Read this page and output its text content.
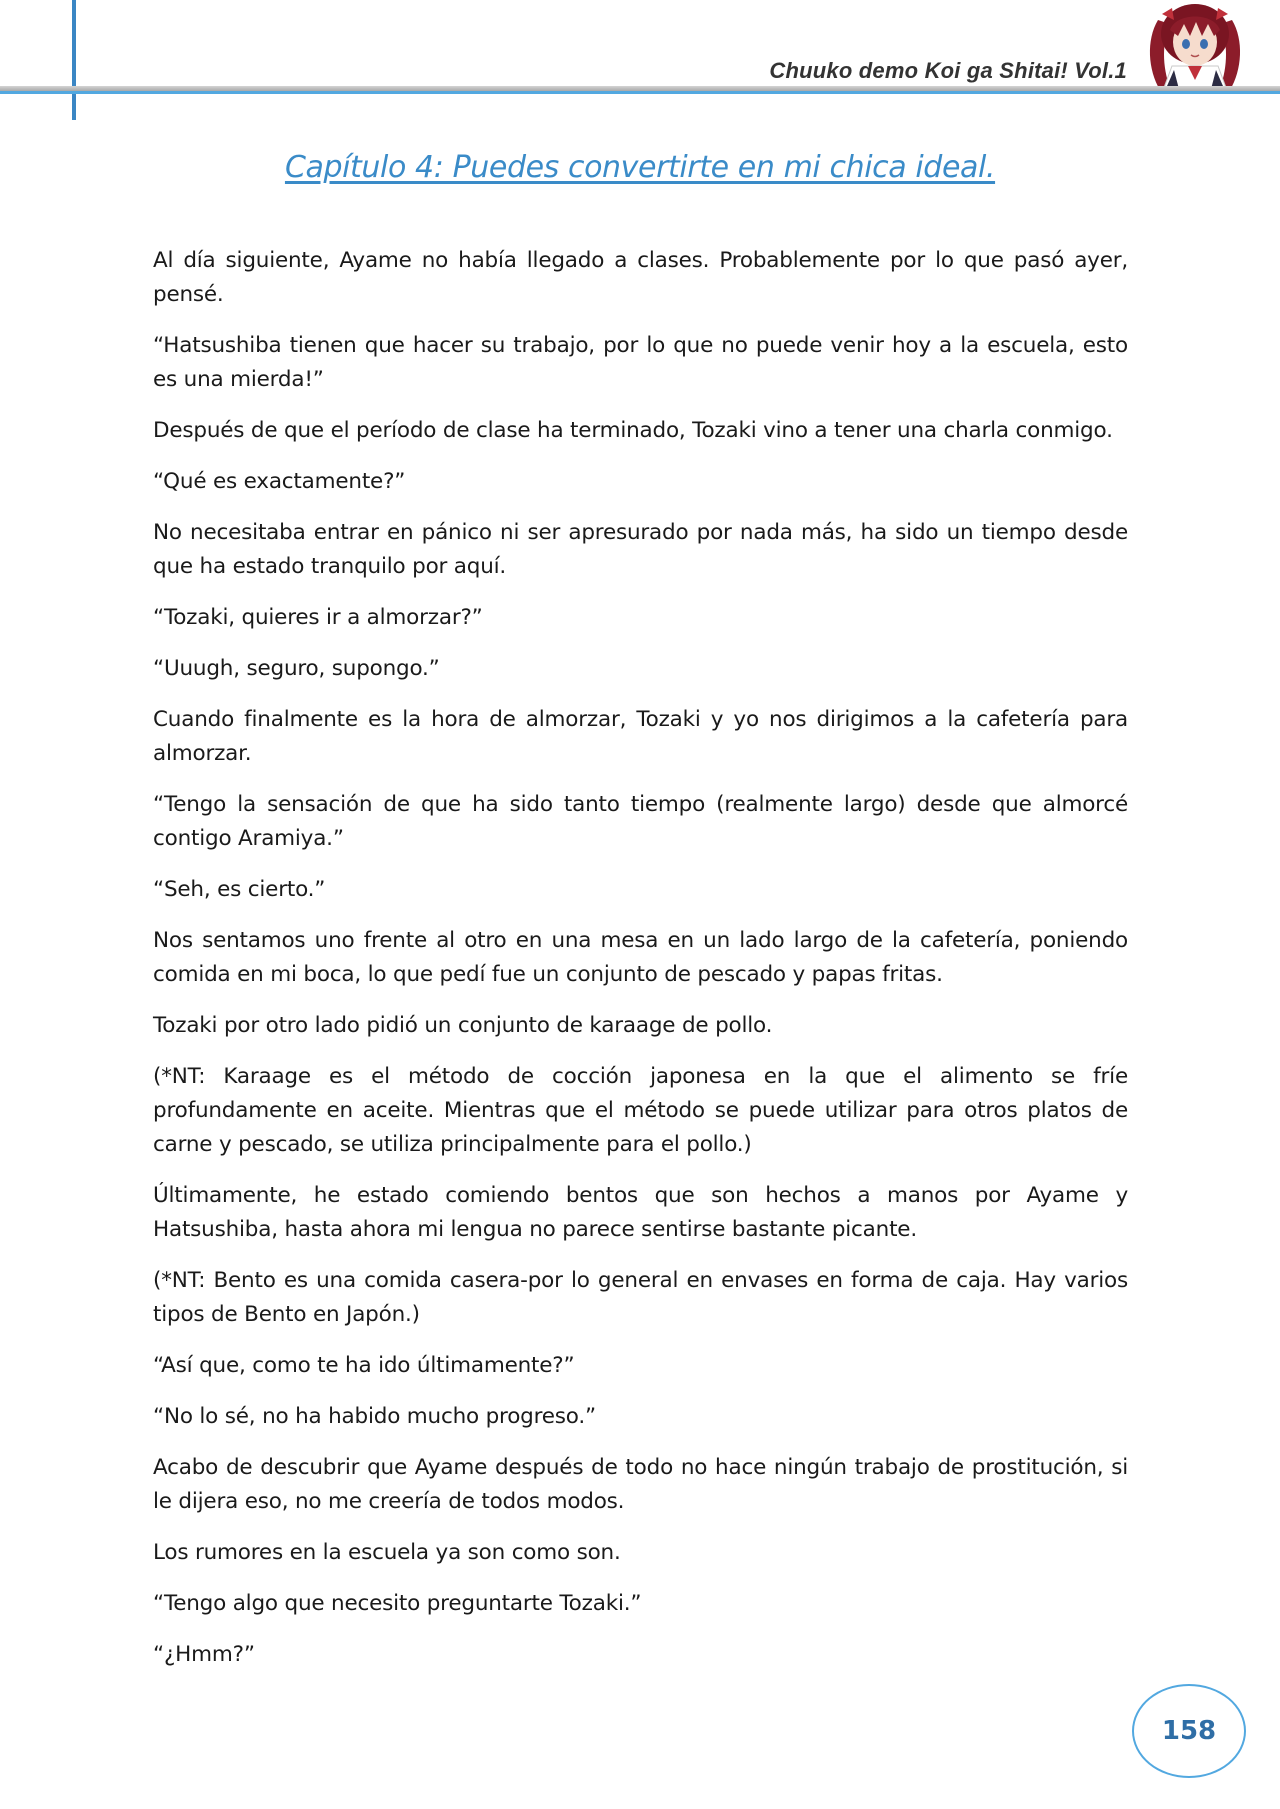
Chuuko demo Koi ga Shitai! Vol.1
Capítulo 4: Puedes convertirte en mi chica ideal.

Al día siguiente, Ayame no había llegado a clases. Probablemente por lo que pasó ayer, pensé.

“Hatsushiba tienen que hacer su trabajo, por lo que no puede venir hoy a la escuela, esto es una mierda!”

Después de que el período de clase ha terminado, Tozaki vino a tener una charla conmigo.

“Qué es exactamente?”

No necesitaba entrar en pánico ni ser apresurado por nada más, ha sido un tiempo desde que ha estado tranquilo por aquí.

“Tozaki, quieres ir a almorzar?”

“Uuugh, seguro, supongo.”

Cuando finalmente es la hora de almorzar, Tozaki y yo nos dirigimos a la cafetería para almorzar.

“Tengo la sensación de que ha sido tanto tiempo (realmente largo) desde que almorcé contigo Aramiya.”

“Seh, es cierto.”

Nos sentamos uno frente al otro en una mesa en un lado largo de la cafetería, poniendo comida en mi boca, lo que pedí fue un conjunto de pescado y papas fritas.

Tozaki por otro lado pidió un conjunto de karaage de pollo.

(*NT: Karaage es el método de cocción japonesa en la que el alimento se fríe profundamente en aceite. Mientras que el método se puede utilizar para otros platos de carne y pescado, se utiliza principalmente para el pollo.)

Últimamente, he estado comiendo bentos que son hechos a manos por Ayame y Hatsushiba, hasta ahora mi lengua no parece sentirse bastante picante.

(*NT: Bento es una comida casera-por lo general en envases en forma de caja. Hay varios tipos de Bento en Japón.)

“Así que, como te ha ido últimamente?”

“No lo sé, no ha habido mucho progreso.”

Acabo de descubrir que Ayame después de todo no hace ningún trabajo de prostitución, si le dijera eso, no me creería de todos modos.

Los rumores en la escuela ya son como son.

“Tengo algo que necesito preguntarte Tozaki.”

“¿Hmm?”

158
